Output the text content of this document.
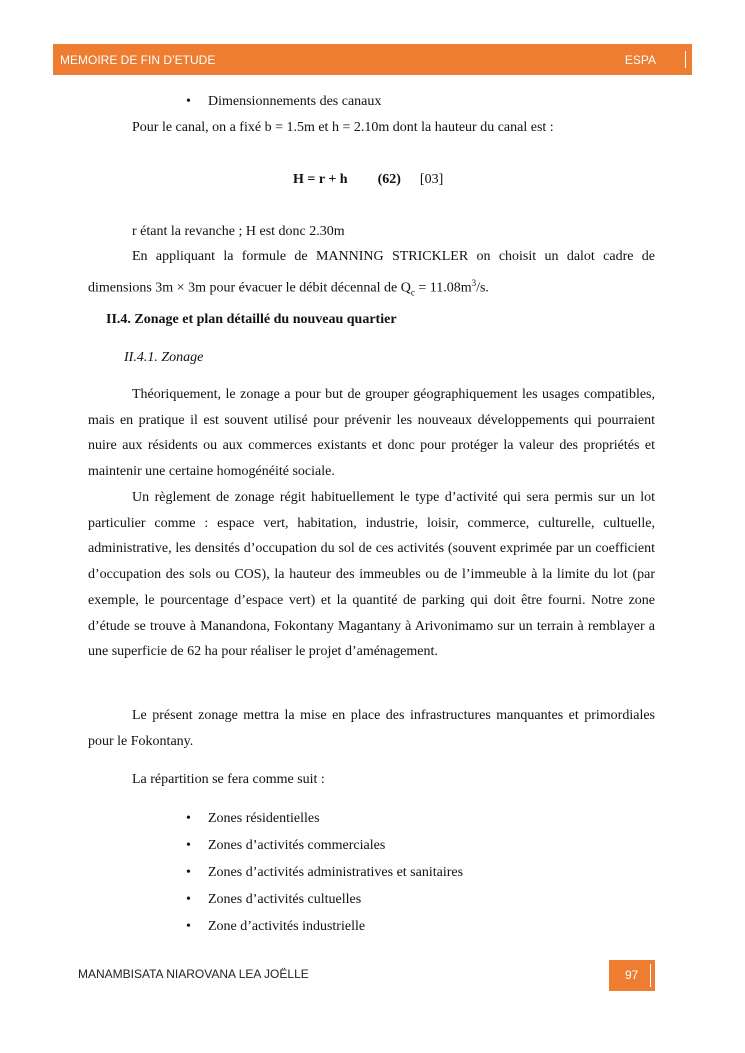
MEMOIRE DE FIN D’ETUDE	ESPA
• Dimensionnements des canaux
Pour le canal, on a fixé b = 1.5m et h = 2.10m dont la hauteur du canal est :
H = r + h (62) [03]
r étant la revanche ; H est donc 2.30m
En appliquant la formule de MANNING STRICKLER on choisit un dalot cadre de
dimensions 3m × 3m pour évacuer le débit décennal de $Q_c = 11.08m^3/s$.
II.4. Zonage et plan détaillé du nouveau quartier
II.4.1. Zonage
Théoriquement, le zonage a pour but de grouper géographiquement les usages compatibles, mais en pratique il est souvent utilisé pour prévenir les nouveaux développements qui pourraient nuire aux résidents ou aux commerces existants et donc pour protéger la valeur des propriétés et maintenir une certaine homogénéité sociale.
Un règlement de zonage régit habituellement le type d’activité qui sera permis sur un lot particulier comme : espace vert, habitation, industrie, loisir, commerce, culturelle, cultuelle, administrative, les densités d’occupation du sol de ces activités (souvent exprimée par un coefficient d’occupation des sols ou COS), la hauteur des immeubles ou de l’immeuble à la limite du lot (par exemple, le pourcentage d’espace vert) et la quantité de parking qui doit être fourni. Notre zone d’étude se trouve à Manandona, Fokontany Magantany à Arivonimamo sur un terrain à remblayer a une superficie de 62 ha pour réaliser le projet d’aménagement.
Le présent zonage mettra la mise en place des infrastructures manquantes et primordiales pour le Fokontany.
La répartition se fera comme suit :
• Zones résidentielles
• Zones d’activités commerciales
• Zones d’activités administratives et sanitaires
• Zones d’activités cultuelles
• Zone d’activités industrielle
MANAMBISATA NIAROVANA LEA JOËLLE	97
